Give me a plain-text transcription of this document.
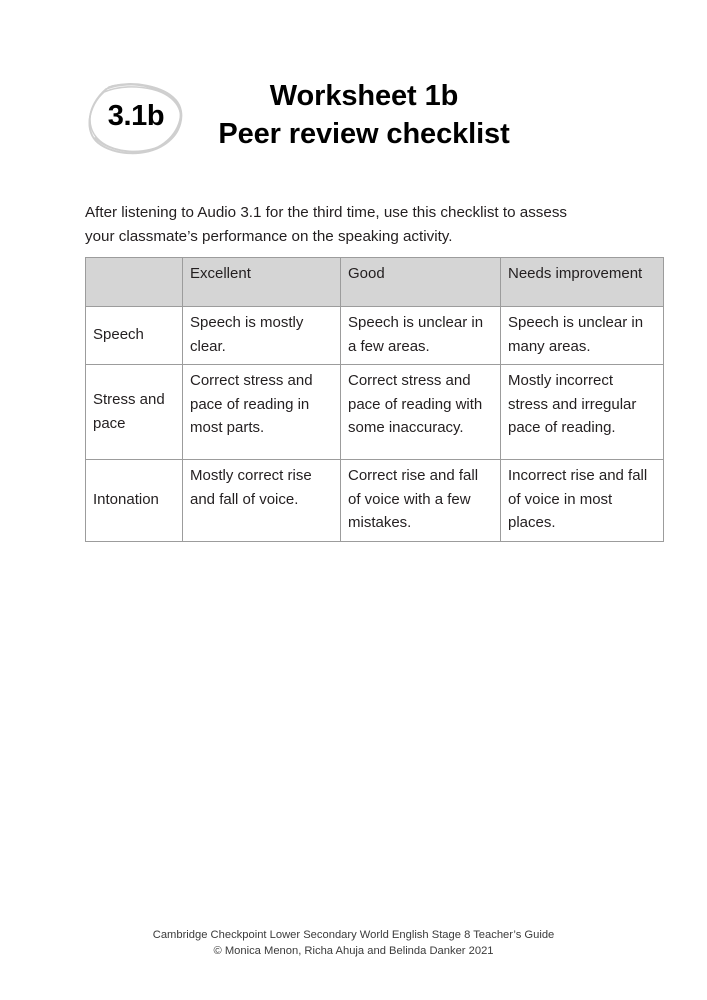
3.1b
Worksheet 1b
Peer review checklist

After listening to Audio 3.1 for the third time, use this checklist to assess your classmate’s performance on the speaking activity.

	Excellent	Good	Needs improvement
Speech	Speech is mostly clear.	Speech is unclear in a few areas.	Speech is unclear in many areas.
Stress and pace	Correct stress and pace of reading in most parts.	Correct stress and pace of reading with some inaccuracy.	Mostly incorrect stress and irregular pace of reading.
Intonation	Mostly correct rise and fall of voice.	Correct rise and fall of voice with a few mistakes.	Incorrect rise and fall of voice in most places.
Cambridge Checkpoint Lower Secondary World English Stage 8 Teacher’s Guide
© Monica Menon, Richa Ahuja and Belinda Danker 2021
